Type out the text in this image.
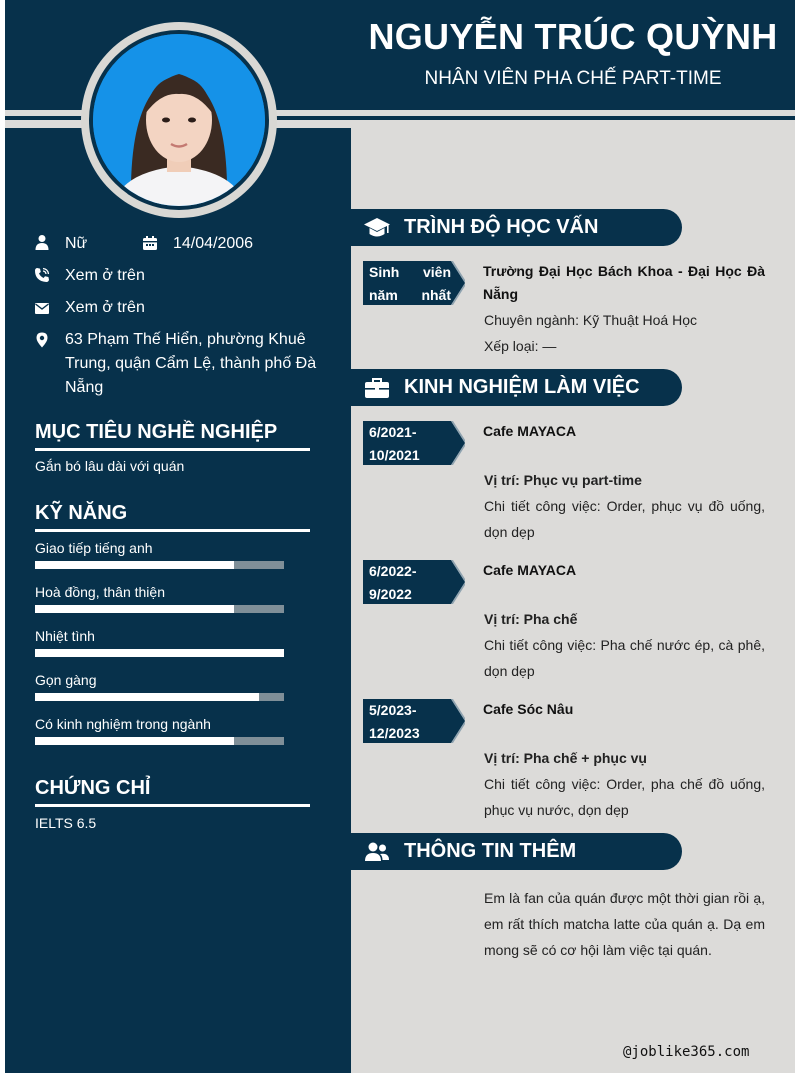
NGUYỄN TRÚC QUỲNH
NHÂN VIÊN PHA CHẾ PART-TIME
Nữ	14/04/2006
Xem ở trên
Xem ở trên
63 Phạm Thế Hiển, phường Khuê Trung, quận Cẩm Lệ, thành phố Đà Nẵng
MỤC TIÊU NGHỀ NGHIỆP
Gắn bó lâu dài với quán
KỸ NĂNG
Giao tiếp tiếng anh
Hoà đồng, thân thiện
Nhiệt tình
Gọn gàng
Có kinh nghiệm trong ngành
CHỨNG CHỈ
IELTS 6.5
TRÌNH ĐỘ HỌC VẤN
Sinh viên năm nhất
Trường Đại Học Bách Khoa - Đại Học Đà Nẵng
Chuyên ngành: Kỹ Thuật Hoá Học
Xếp loại: —
KINH NGHIỆM LÀM VIỆC
6/2021-
10/2021
Cafe MAYACA
Vị trí: Phục vụ part-time
Chi tiết công việc: Order, phục vụ đồ uống, dọn dẹp
6/2022-
9/2022
Cafe MAYACA
Vị trí: Pha chế
Chi tiết công việc: Pha chế nước ép, cà phê, dọn dẹp
5/2023-
12/2023
Cafe Sóc Nâu
Vị trí: Pha chế + phục vụ
Chi tiết công việc: Order, pha chế đồ uống, phục vụ nước, dọn dẹp
THÔNG TIN THÊM
Em là fan của quán được một thời gian rồi ạ, em rất thích matcha latte của quán ạ. Dạ em mong sẽ có cơ hội làm việc tại quán.
@joblike365.com
